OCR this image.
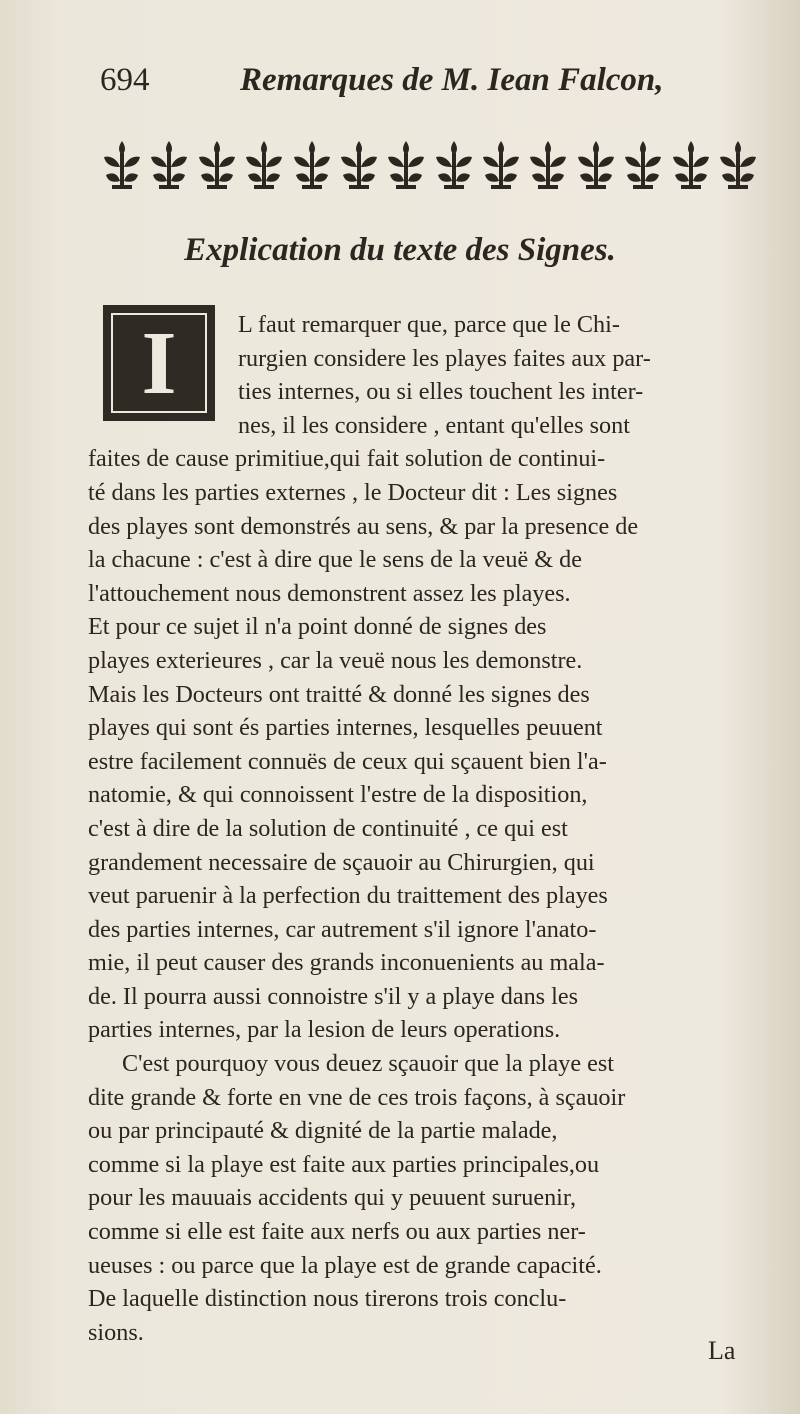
694	Remarques de M. Iean Falcon,
Explication du texte des Signes.
I	L faut remarquer que, parce que le Chi-
rurgien considere les playes faites aux par-
ties internes, ou si elles touchent les inter-
nes, il les considere , entant qu'elles sont
faites de cause primitiue,qui fait solution de continui-
té dans les parties externes , le Docteur dit : Les signes
des playes sont demonstrés au sens, & par la presence de
la chacune : c'est à dire que le sens de la veuë & de
l'attouchement nous demonstrent assez les playes.
Et pour ce sujet il n'a point donné de signes des
playes exterieures , car la veuë nous les demonstre.
Mais les Docteurs ont traitté & donné les signes des
playes qui sont és parties internes, lesquelles peuuent
estre facilement connuës de ceux qui sçauent bien l'a-
natomie, & qui connoissent l'estre de la disposition,
c'est à dire de la solution de continuité , ce qui est
grandement necessaire de sçauoir au Chirurgien, qui
veut paruenir à la perfection du traittement des playes
des parties internes, car autrement s'il ignore l'anato-
mie, il peut causer des grands inconuenients au mala-
de. Il pourra aussi connoistre s'il y a playe dans les
parties internes, par la lesion de leurs operations.
C'est pourquoy vous deuez sçauoir que la playe est
dite grande & forte en vne de ces trois façons, à sçauoir
ou par principauté & dignité de la partie malade,
comme si la playe est faite aux parties principales,ou
pour les mauuais accidents qui y peuuent suruenir,
comme si elle est faite aux nerfs ou aux parties ner-
ueuses : ou parce que la playe est de grande capacité.
De laquelle distinction nous tirerons trois conclu-
sions.
La
